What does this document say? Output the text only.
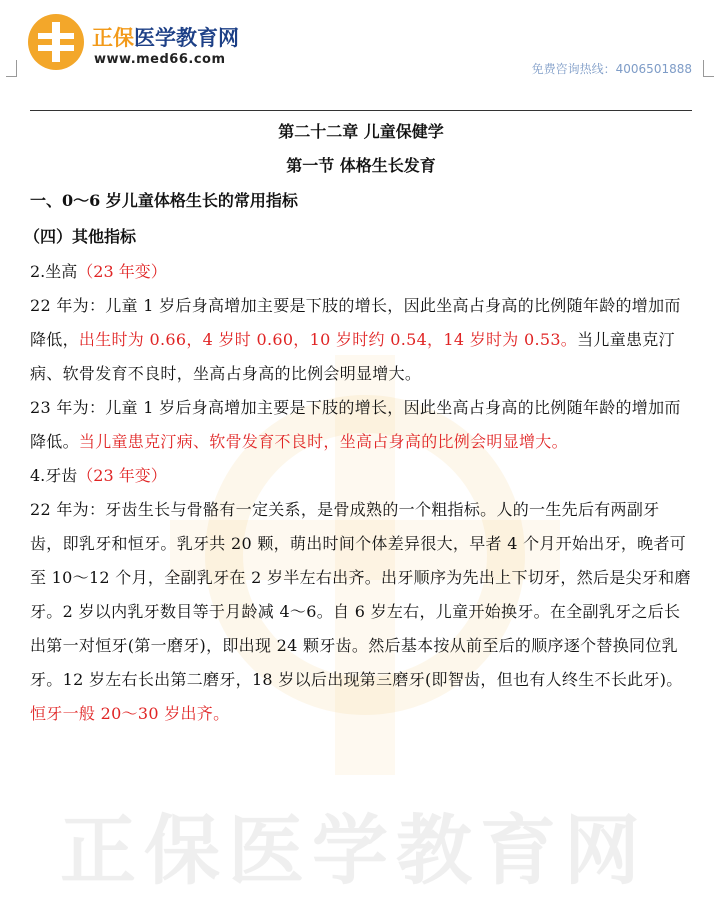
正保医学教育网
正保医学教育网
www.med66.com
免费咨询热线：4006501888
第二十二章 儿童保健学
第一节 体格生长发育
一、0～6 岁儿童体格生长的常用指标
（四）其他指标
2.坐高（23 年变）

22 年为：儿童 1 岁后身高增加主要是下肢的增长，因此坐高占身高的比例随年龄的增加而降低，出生时为 0.66，4 岁时 0.60，10 岁时约 0.54，14 岁时为 0.53。当儿童患克汀病、软骨发育不良时，坐高占身高的比例会明显增大。

23 年为：儿童 1 岁后身高增加主要是下肢的增长，因此坐高占身高的比例随年龄的增加而降低。当儿童患克汀病、软骨发育不良时，坐高占身高的比例会明显增大。

4.牙齿（23 年变）

22 年为：牙齿生长与骨骼有一定关系，是骨成熟的一个粗指标。人的一生先后有两副牙齿，即乳牙和恒牙。乳牙共 20 颗，萌出时间个体差异很大，早者 4 个月开始出牙，晚者可至 10～12 个月，全副乳牙在 2 岁半左右出齐。出牙顺序为先出上下切牙，然后是尖牙和磨牙。2 岁以内乳牙数目等于月龄减 4～6。自 6 岁左右，儿童开始换牙。在全副乳牙之后长出第一对恒牙(第一磨牙)，即出现 24 颗牙齿。然后基本按从前至后的顺序逐个替换同位乳牙。12 岁左右长出第二磨牙，18 岁以后出现第三磨牙(即智齿，但也有人终生不长此牙)。恒牙一般 20～30 岁出齐。
